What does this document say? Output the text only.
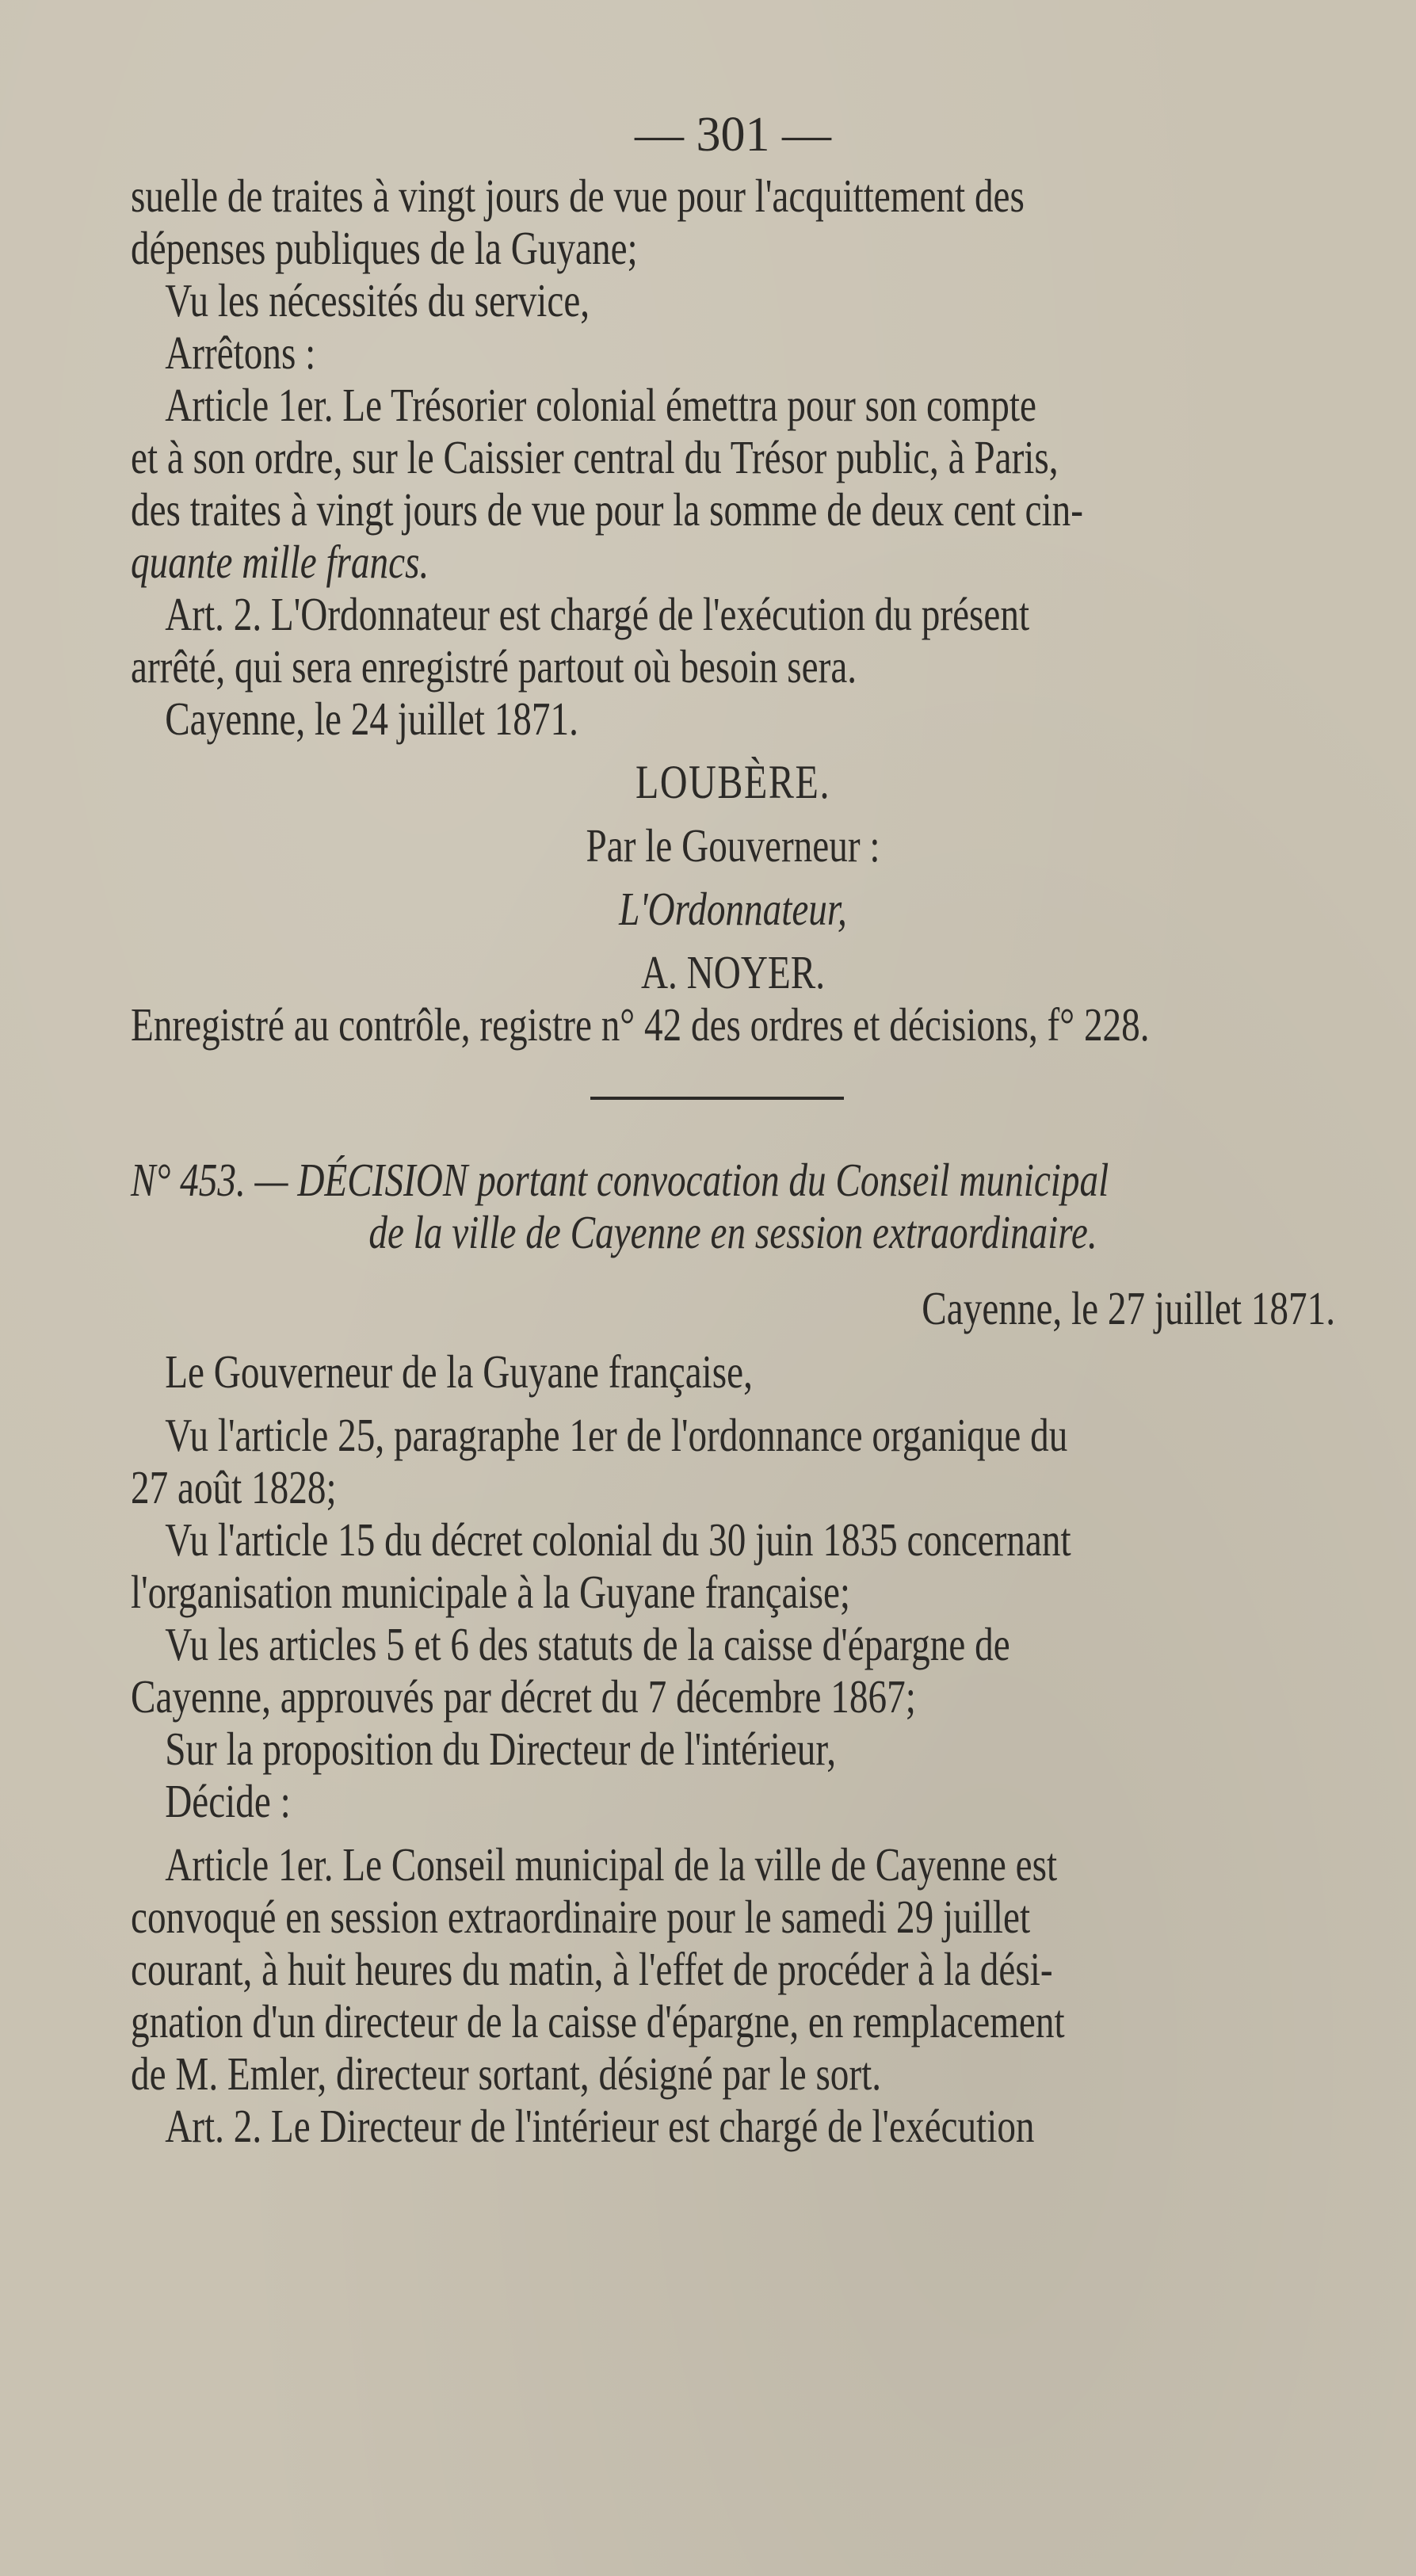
— 301 —
suelle de traites à vingt jours de vue pour l'acquittement des
dépenses publiques de la Guyane;
Vu les nécessités du service,
Arrêtons :
Article 1er. Le Trésorier colonial émettra pour son compte
et à son ordre, sur le Caissier central du Trésor public, à Paris,
des traites à vingt jours de vue pour la somme de deux cent cin-
quante mille francs.
Art. 2. L'Ordonnateur est chargé de l'exécution du présent
arrêté, qui sera enregistré partout où besoin sera.
Cayenne, le 24 juillet 1871.
LOUBÈRE.
Par le Gouverneur :
L'Ordonnateur,
A. NOYER.
Enregistré au contrôle, registre n° 42 des ordres et décisions, f° 228.
N° 453. — DÉCISION portant convocation du Conseil municipal
de la ville de Cayenne en session extraordinaire.
Cayenne, le 27 juillet 1871.
Le Gouverneur de la Guyane française,
Vu l'article 25, paragraphe 1er de l'ordonnance organique du
27 août 1828;
Vu l'article 15 du décret colonial du 30 juin 1835 concernant
l'organisation municipale à la Guyane française;
Vu les articles 5 et 6 des statuts de la caisse d'épargne de
Cayenne, approuvés par décret du 7 décembre 1867;
Sur la proposition du Directeur de l'intérieur,
Décide :
Article 1er. Le Conseil municipal de la ville de Cayenne est
convoqué en session extraordinaire pour le samedi 29 juillet
courant, à huit heures du matin, à l'effet de procéder à la dési-
gnation d'un directeur de la caisse d'épargne, en remplacement
de M. Emler, directeur sortant, désigné par le sort.
Art. 2. Le Directeur de l'intérieur est chargé de l'exécution
